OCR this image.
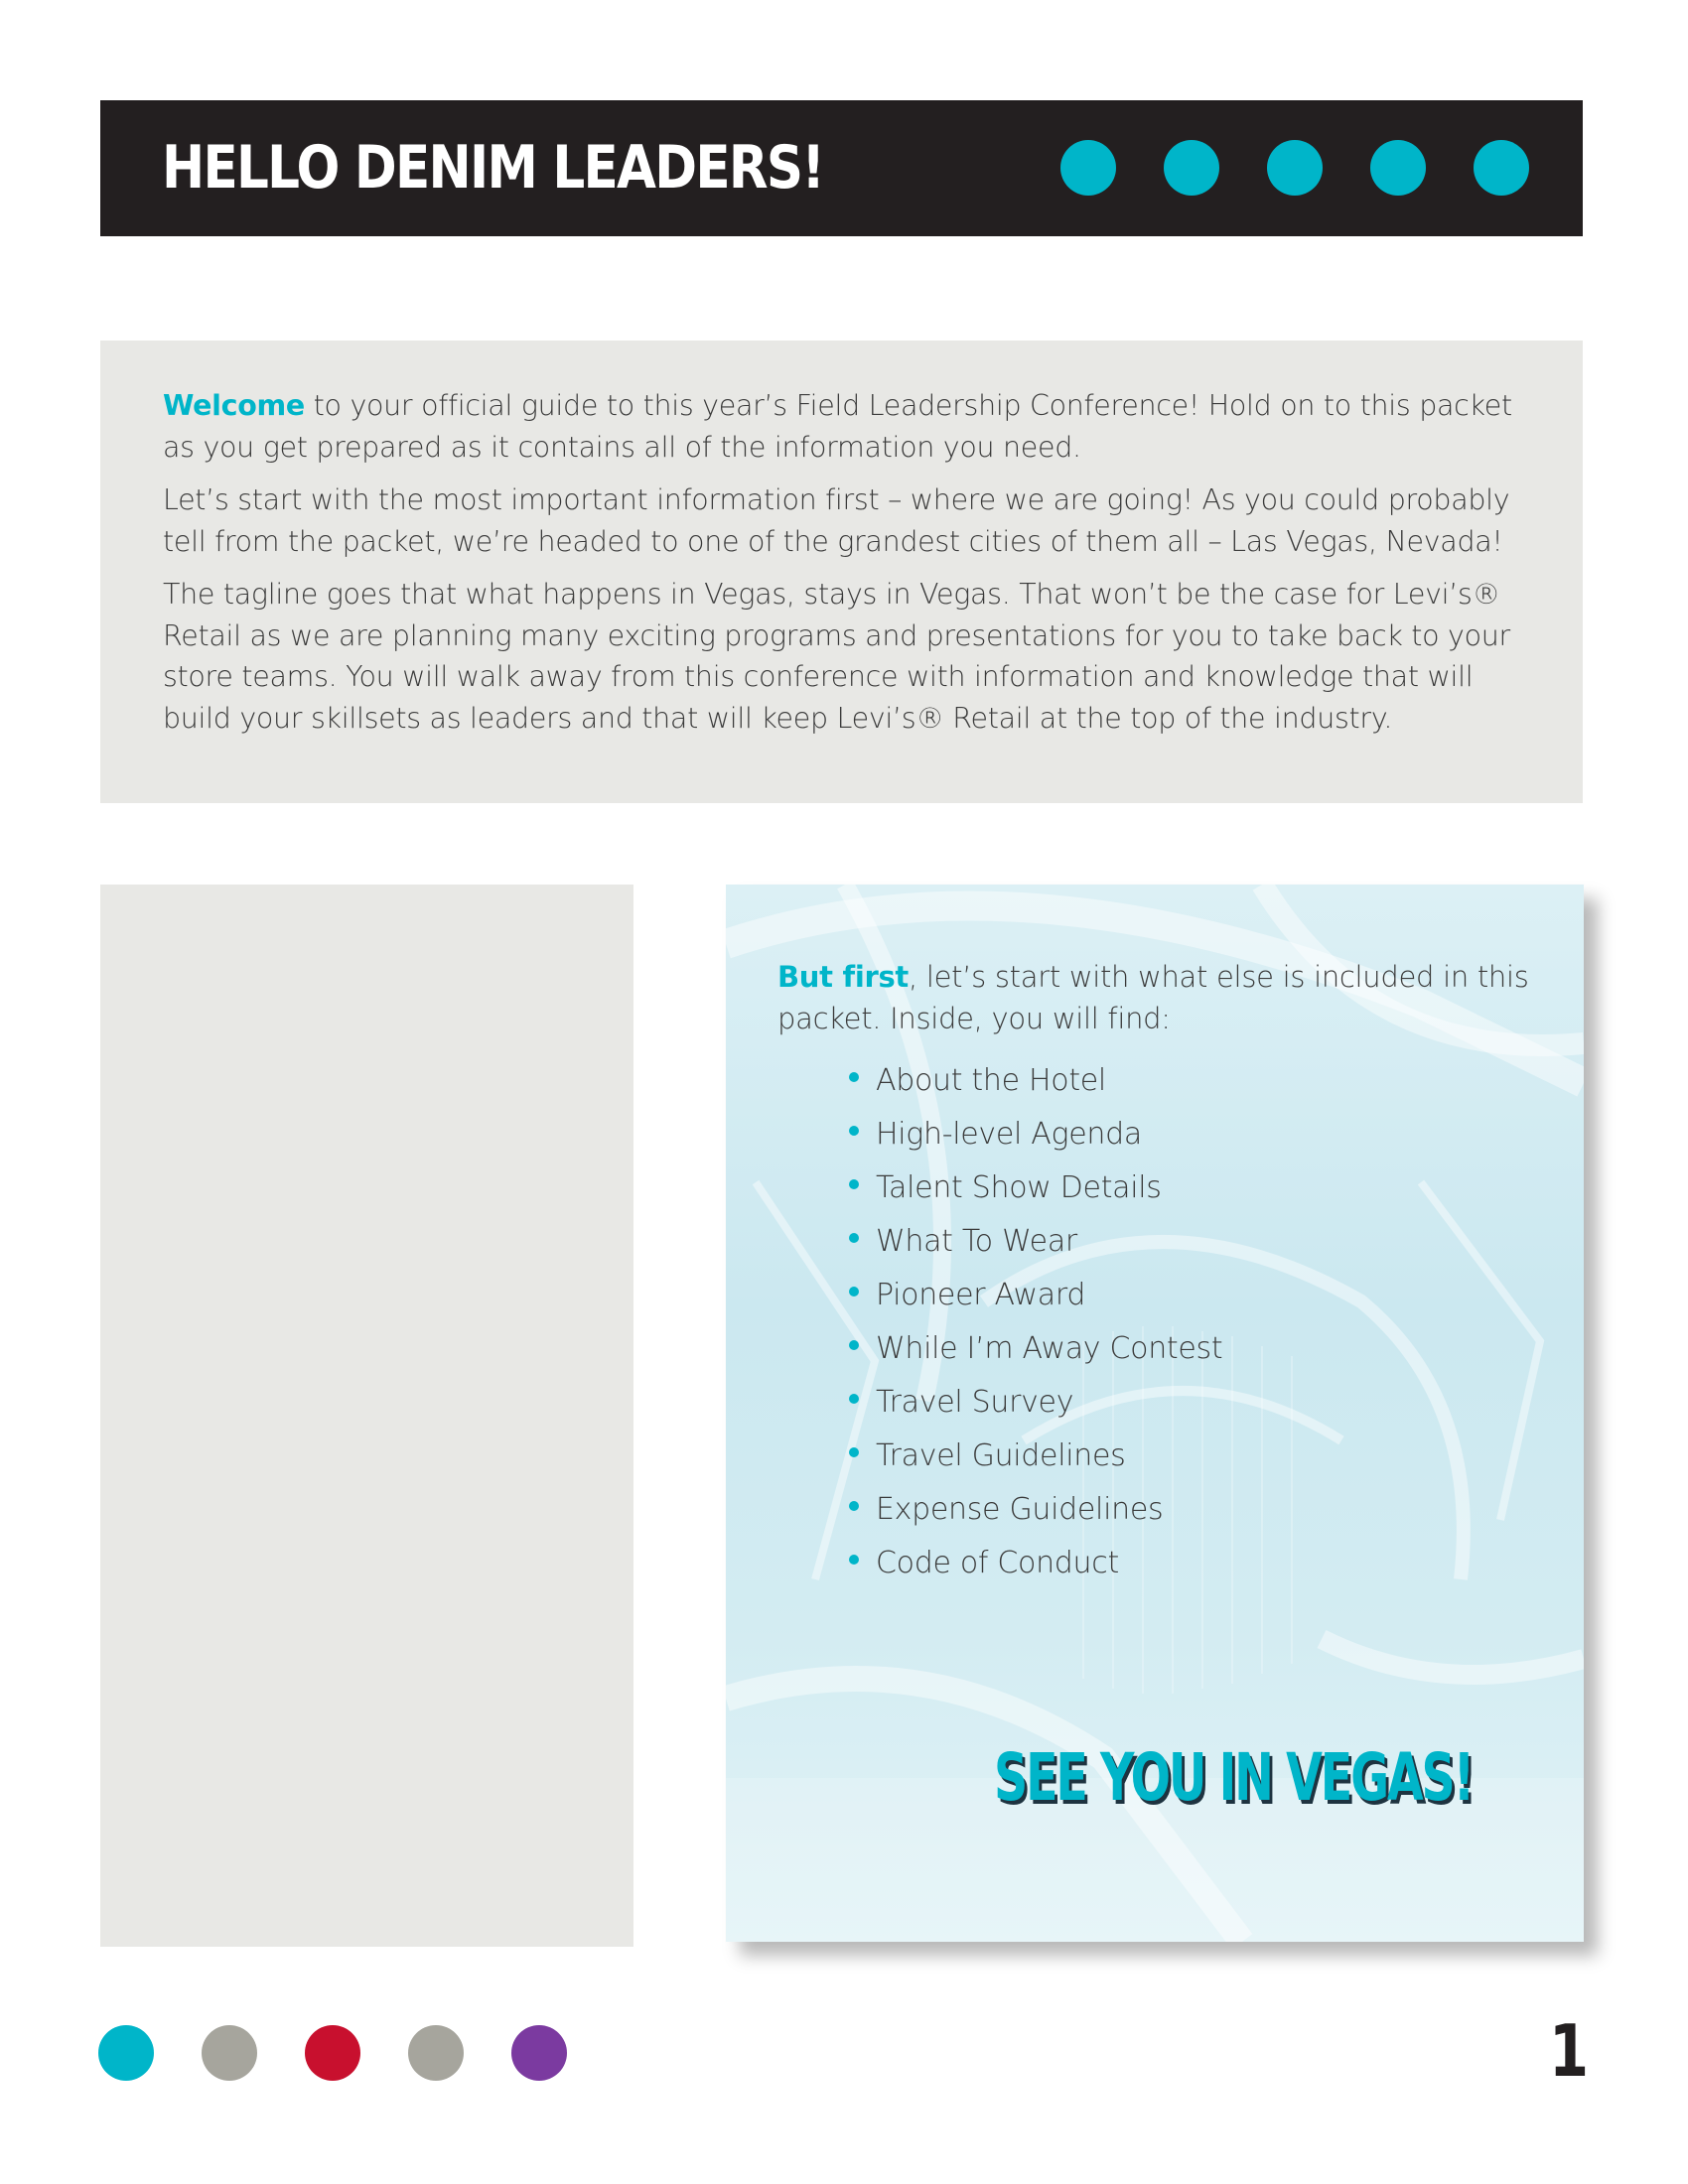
HELLO DENIM LEADERS!

Welcome to your official guide to this year’s Field Leadership Conference! Hold on to this packet as you get prepared as it contains all of the information you need.

Let’s start with the most important information first – where we are going! As you could probably tell from the packet, we’re headed to one of the grandest cities of them all – Las Vegas, Nevada!

The tagline goes that what happens in Vegas, stays in Vegas. That won’t be the case for Levi’s® Retail as we are planning many exciting programs and presentations for you to take back to your store teams. You will walk away from this conference with information and knowledge that will build your skillsets as leaders and that will keep Levi’s® Retail at the top of the industry.

But first, let’s start with what else is included in this packet. Inside, you will find:

About the Hotel
High-level Agenda
Talent Show Details
What To Wear
Pioneer Award
While I’m Away Contest
Travel Survey
Travel Guidelines
Expense Guidelines
Code of Conduct

SEE YOU IN VEGAS!

1
